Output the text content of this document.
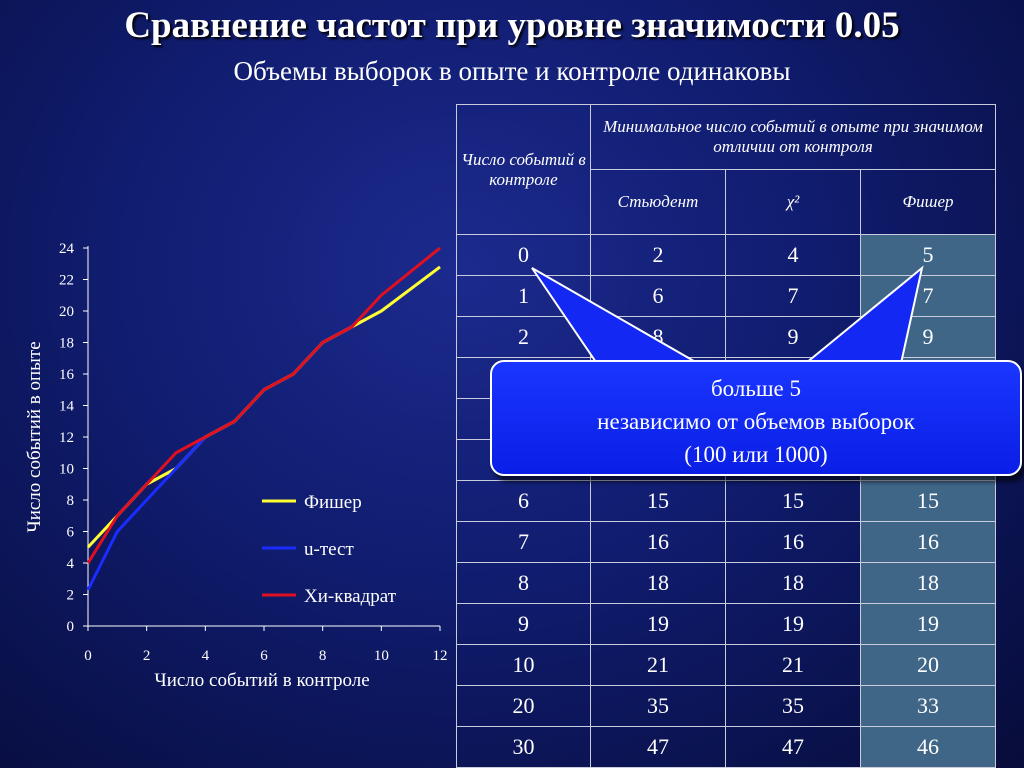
Сравнение частот при уровне значимости 0.05
Объемы выборок в опыте и контроле одинаковы
0
2
4
6
8
10
12
14
16
18
20
22
24
0	2	4	6	8	10	12
Число событий в контроле
Число событий в опыте	Фишер
u-тест
Хи-квадрат
Число событий в контроле	Минимальное число событий в опыте при значимом отличии от контроля		
	Стьюдент	χ²	Фишер
0	2	4	5
1	6	7	7
2	8	9	9

6	15	15	15
7	16	16	16
8	18	18	18
9	19	19	19
10	21	21	20
20	35	35	33
30	47	47	46
больше 5
независимо от объемов выборок
(100 или 1000)
